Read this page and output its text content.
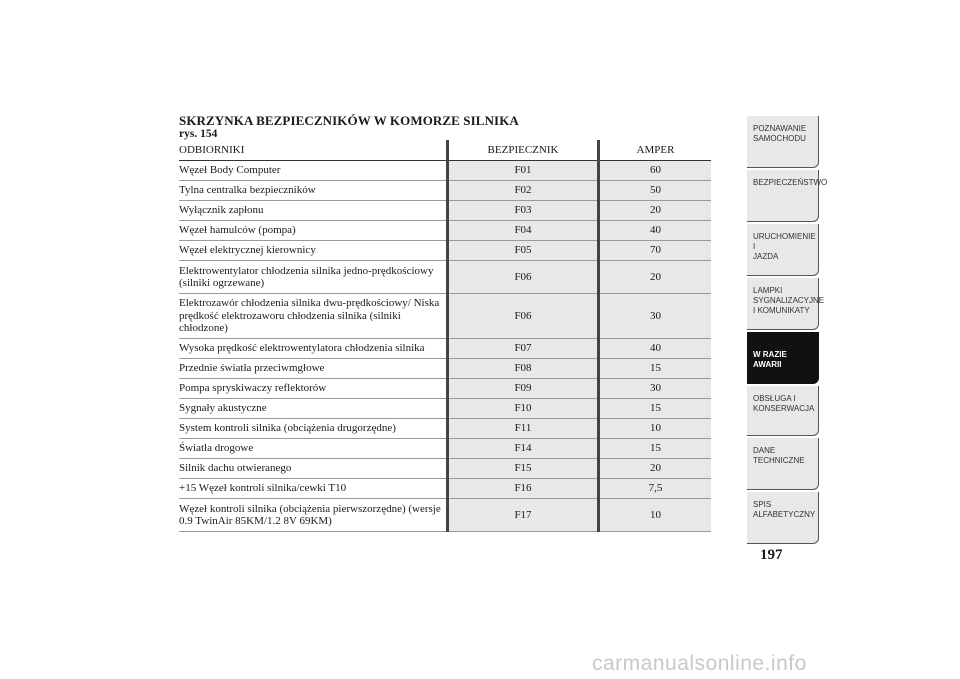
SKRZYNKA BEZPIECZNIKÓW W KOMORZE SILNIKA
rys. 154
ODBIORNIKI	BEZPIECZNIK	AMPER
Węzeł Body Computer	F01	60
Tylna centralka bezpieczników	F02	50
Wyłącznik zapłonu	F03	20
Węzeł hamulców (pompa)	F04	40
Węzeł elektrycznej kierownicy	F05	70
Elektrowentylator chłodzenia silnika jedno-prędkościowy (silniki ogrzewane)	F06	20
Elektrozawór chłodzenia silnika dwu-prędkościowy/ Niska prędkość elektrozaworu chłodzenia silnika (silniki chłodzone)	F06	30
Wysoka prędkość elektrowentylatora chłodzenia silnika	F07	40
Przednie światła przeciwmgłowe	F08	15
Pompa spryskiwaczy reflektorów	F09	30
Sygnały akustyczne	F10	15
System kontroli silnika (obciążenia drugorzędne)	F11	10
Światła drogowe	F14	15
Silnik dachu otwieranego	F15	20
+15 Węzeł kontroli silnika/cewki T10	F16	7,5
Węzeł kontroli silnika (obciążenia pierwszorzędne) (wersje 0.9 TwinAir 85KM/1.2 8V 69KM)	F17	10
POZNAWANIE
SAMOCHODU
BEZPIECZEŃSTWO
URUCHOMIENIE I
JAZDA
LAMPKI
SYGNALIZACYJNE
I KOMUNIKATY
W RAZIE AWARII
OBSŁUGA I
KONSERWACJA
DANE
TECHNICZNE
SPIS
ALFABETYCZNY
197
carmanualsonline.info
